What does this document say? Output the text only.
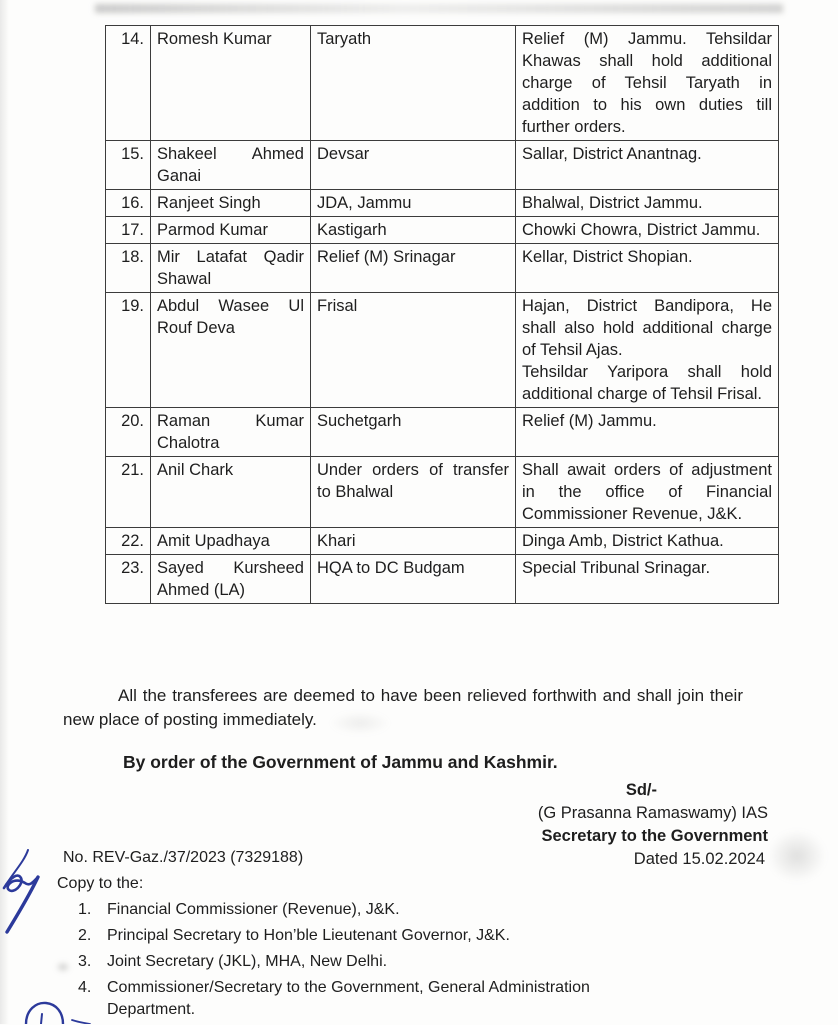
14.	Romesh Kumar	Taryath	Relief (M) Jammu. Tehsildar Khawas shall hold additional charge of Tehsil Taryath in addition to his own duties till further orders.
15.	Shakeel Ahmed Ganai	Devsar	Sallar, District Anantnag.
16.	Ranjeet Singh	JDA, Jammu	Bhalwal, District Jammu.
17.	Parmod Kumar	Kastigarh	Chowki Chowra, District Jammu.
18.	Mir Latafat Qadir Shawal	Relief (M) Srinagar	Kellar, District Shopian.
19.	Abdul Wasee Ul Rouf Deva	Frisal	Hajan, District Bandipora, He shall also hold additional charge of Tehsil Ajas.
Tehsildar Yaripora shall hold additional charge of Tehsil Frisal.
20.	Raman Kumar Chalotra	Suchetgarh	Relief (M) Jammu.
21.	Anil Chark	Under orders of transfer to Bhalwal	Shall await orders of adjustment in the office of Financial Commissioner Revenue, J&K.
22.	Amit Upadhaya	Khari	Dinga Amb, District Kathua.
23.	Sayed Kursheed Ahmed (LA)	HQA to DC Budgam	Special Tribunal Srinagar.
All the transferees are deemed to have been relieved forthwith and shall join their new place of posting immediately.
By order of the Government of Jammu and Kashmir.
Sd/-
(G Prasanna Ramaswamy) IAS
Secretary to the Government
Dated 15.02.2024
No. REV-Gaz./37/2023 (7329188)
Copy to the:
1. Financial Commissioner (Revenue), J&K.
2. Principal Secretary to Hon’ble Lieutenant Governor, J&K.
3. Joint Secretary (JKL), MHA, New Delhi.
4. Commissioner/Secretary to the Government, General Administration Department.
